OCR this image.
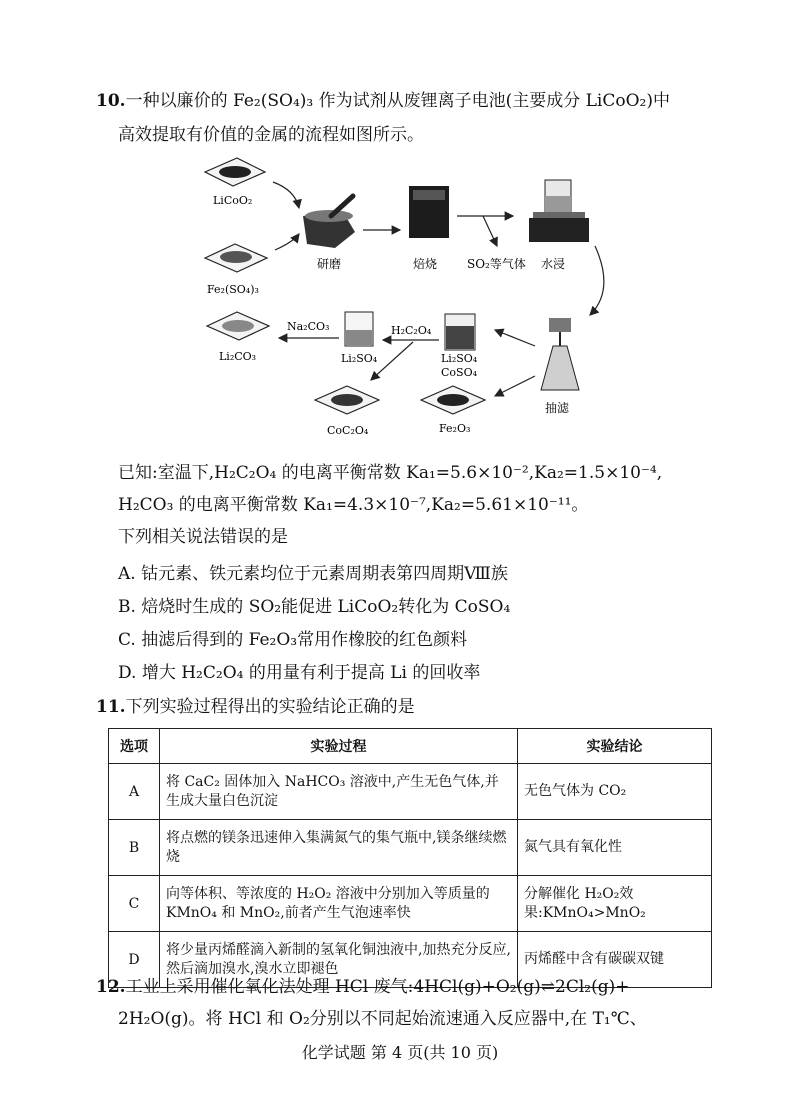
10.一种以廉价的 Fe₂(SO₄)₃ 作为试剂从废锂离子电池(主要成分 LiCoO₂)中
高效提取有价值的金属的流程如图所示。
LiCoO₂
Fe₂(SO₄)₃
研磨	焙烧 SO₂等气体 水浸
抽滤
Li₂SO₄
CoSO₄
Fe₂O₃
H₂C₂O₄
Li₂SO₄
Na₂CO₃
Li₂CO₃
CoC₂O₄
已知:室温下,H₂C₂O₄ 的电离平衡常数 Ka₁=5.6×10⁻²,Ka₂=1.5×10⁻⁴,
H₂CO₃ 的电离平衡常数 Ka₁=4.3×10⁻⁷,Ka₂=5.61×10⁻¹¹。
下列相关说法错误的是
A. 钴元素、铁元素均位于元素周期表第四周期Ⅷ族
B. 焙烧时生成的 SO₂能促进 LiCoO₂转化为 CoSO₄
C. 抽滤后得到的 Fe₂O₃常用作橡胶的红色颜料
D. 增大 H₂C₂O₄ 的用量有利于提高 Li 的回收率
11.下列实验过程得出的实验结论正确的是
选项	实验过程	实验结论
A	将 CaC₂ 固体加入 NaHCO₃ 溶液中,产生无色气体,并生成大量白色沉淀	无色气体为 CO₂
B	将点燃的镁条迅速伸入集满氮气的集气瓶中,镁条继续燃烧	氮气具有氧化性
C	向等体积、等浓度的 H₂O₂ 溶液中分别加入等质量的 KMnO₄ 和 MnO₂,前者产生气泡速率快	分解催化 H₂O₂效果:KMnO₄>MnO₂
D	将少量丙烯醛滴入新制的氢氧化铜浊液中,加热充分反应,然后滴加溴水,溴水立即褪色	丙烯醛中含有碳碳双键
12.工业上采用催化氧化法处理 HCl 废气:4HCl(g)+O₂(g)⇌2Cl₂(g)+
2H₂O(g)。将 HCl 和 O₂分别以不同起始流速通入反应器中,在 T₁℃、
化学试题 第 4 页(共 10 页)
